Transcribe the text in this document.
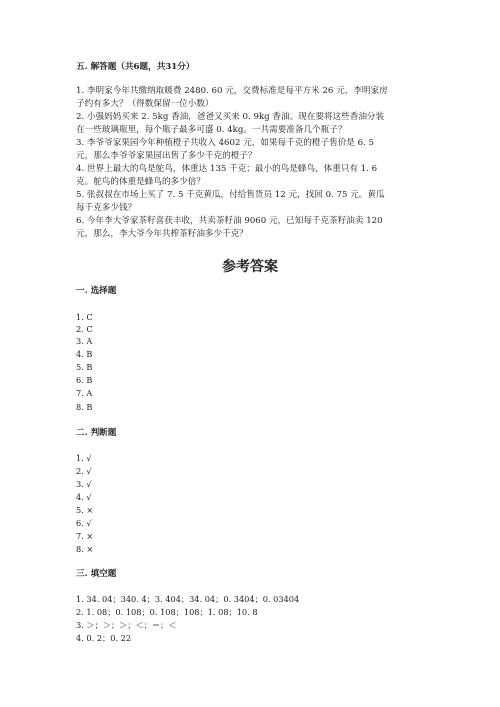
五. 解答题（共6题，共31分）
1. 李明家今年共缴纳取暖费 2480. 60 元，交费标准是每平方米 26 元，李明家房
子约有多大？（得数保留一位小数）
2. 小强妈妈买来 2. 5kg 香油，爸爸又买来 0. 9kg 香油。现在要将这些香油分装
在一些玻璃瓶里，每个瓶子最多可盛 0. 4kg。一共需要准备几个瓶子？
3. 李爷爷家果园今年种植橙子共收入 4602 元，如果每千克的橙子售价是 6. 5
元，那么李爷爷家果园出售了多少千克的橙子？
4. 世界上最大的鸟是鸵鸟，体重达 135 千克；最小的鸟是蜂鸟，体重只有 1. 6
克。鸵鸟的体重是蜂鸟的多少倍？
5. 张叔叔在市场上买了 7. 5 千克黄瓜，付给售货员 12 元，找回 0. 75 元。黄瓜
每千克多少钱？
6. 今年李大爷家茶籽喜获丰收，共卖茶籽油 9060 元，已知每千克茶籽油卖 120
元，那么，李大爷今年共榨茶籽油多少千克？
参考答案
一. 选择题
1. C
2. C
3. A
4. B
5. B
6. B
7. A
8. B
二. 判断题
1. √
2. √
3. √
4. √
5. ×
6. √
7. ×
8. ×
三. 填空题
1. 34. 04；340. 4；3. 404；34. 04；0. 3404；0. 03404
2. 1. 08；0. 108；0. 108；108；1. 08；10. 8
3. ＞；＞；＞；＜；＝；＜
4. 0. 2；0. 22
